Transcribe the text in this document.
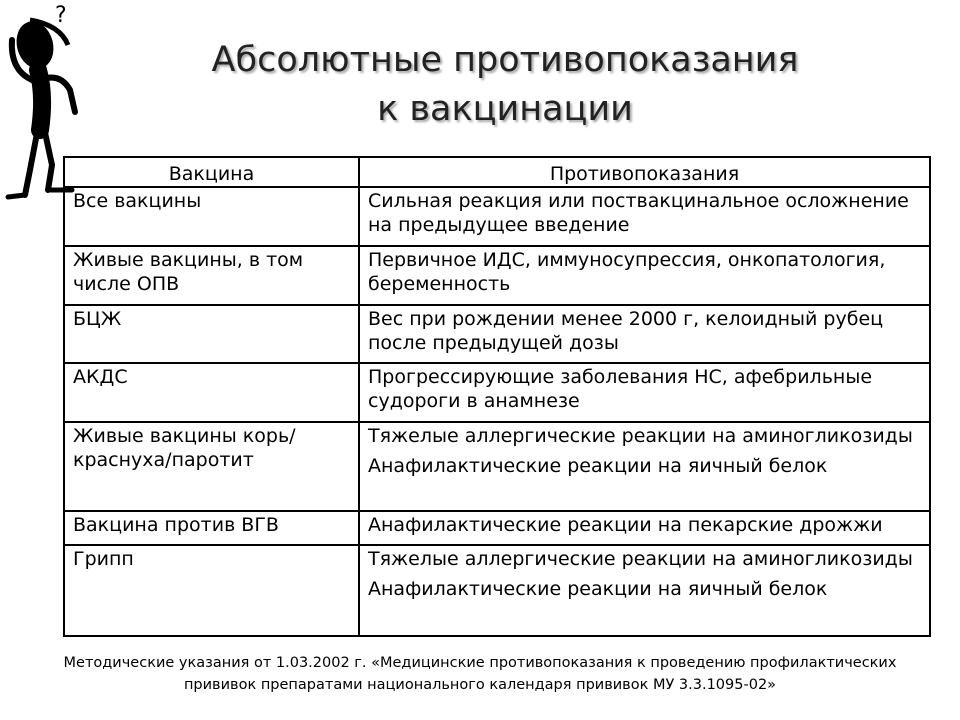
?
Абсолютные противопоказания
к вакцинации
Вакцина	Противопоказания
Все вакцины	Сильная реакция или поствакцинальное осложнение на предыдущее введение

Живые вакцины, в том числе ОПВ	Первичное ИДС, иммуносупрессия, онкопатология, беременность

БЦЖ	Вес при рождении менее 2000 г, келоидный рубец после предыдущей дозы

АКДС	Прогрессирующие заболевания НС, афебрильные судороги в анамнезе

Живые вакцины корь/краснуха/паротит	Тяжелые аллергические реакции на аминогликозиды
Анафилактические реакции на яичный белок

Вакцина против ВГВ	Анафилактические реакции на пекарские дрожжи

Грипп	Тяжелые аллергические реакции на аминогликозиды
Анафилактические реакции на яичный белок
Методические указания от 1.03.2002 г. «Медицинские противопоказания к проведению профилактических
прививок препаратами национального календаря прививок МУ 3.3.1095-02»
